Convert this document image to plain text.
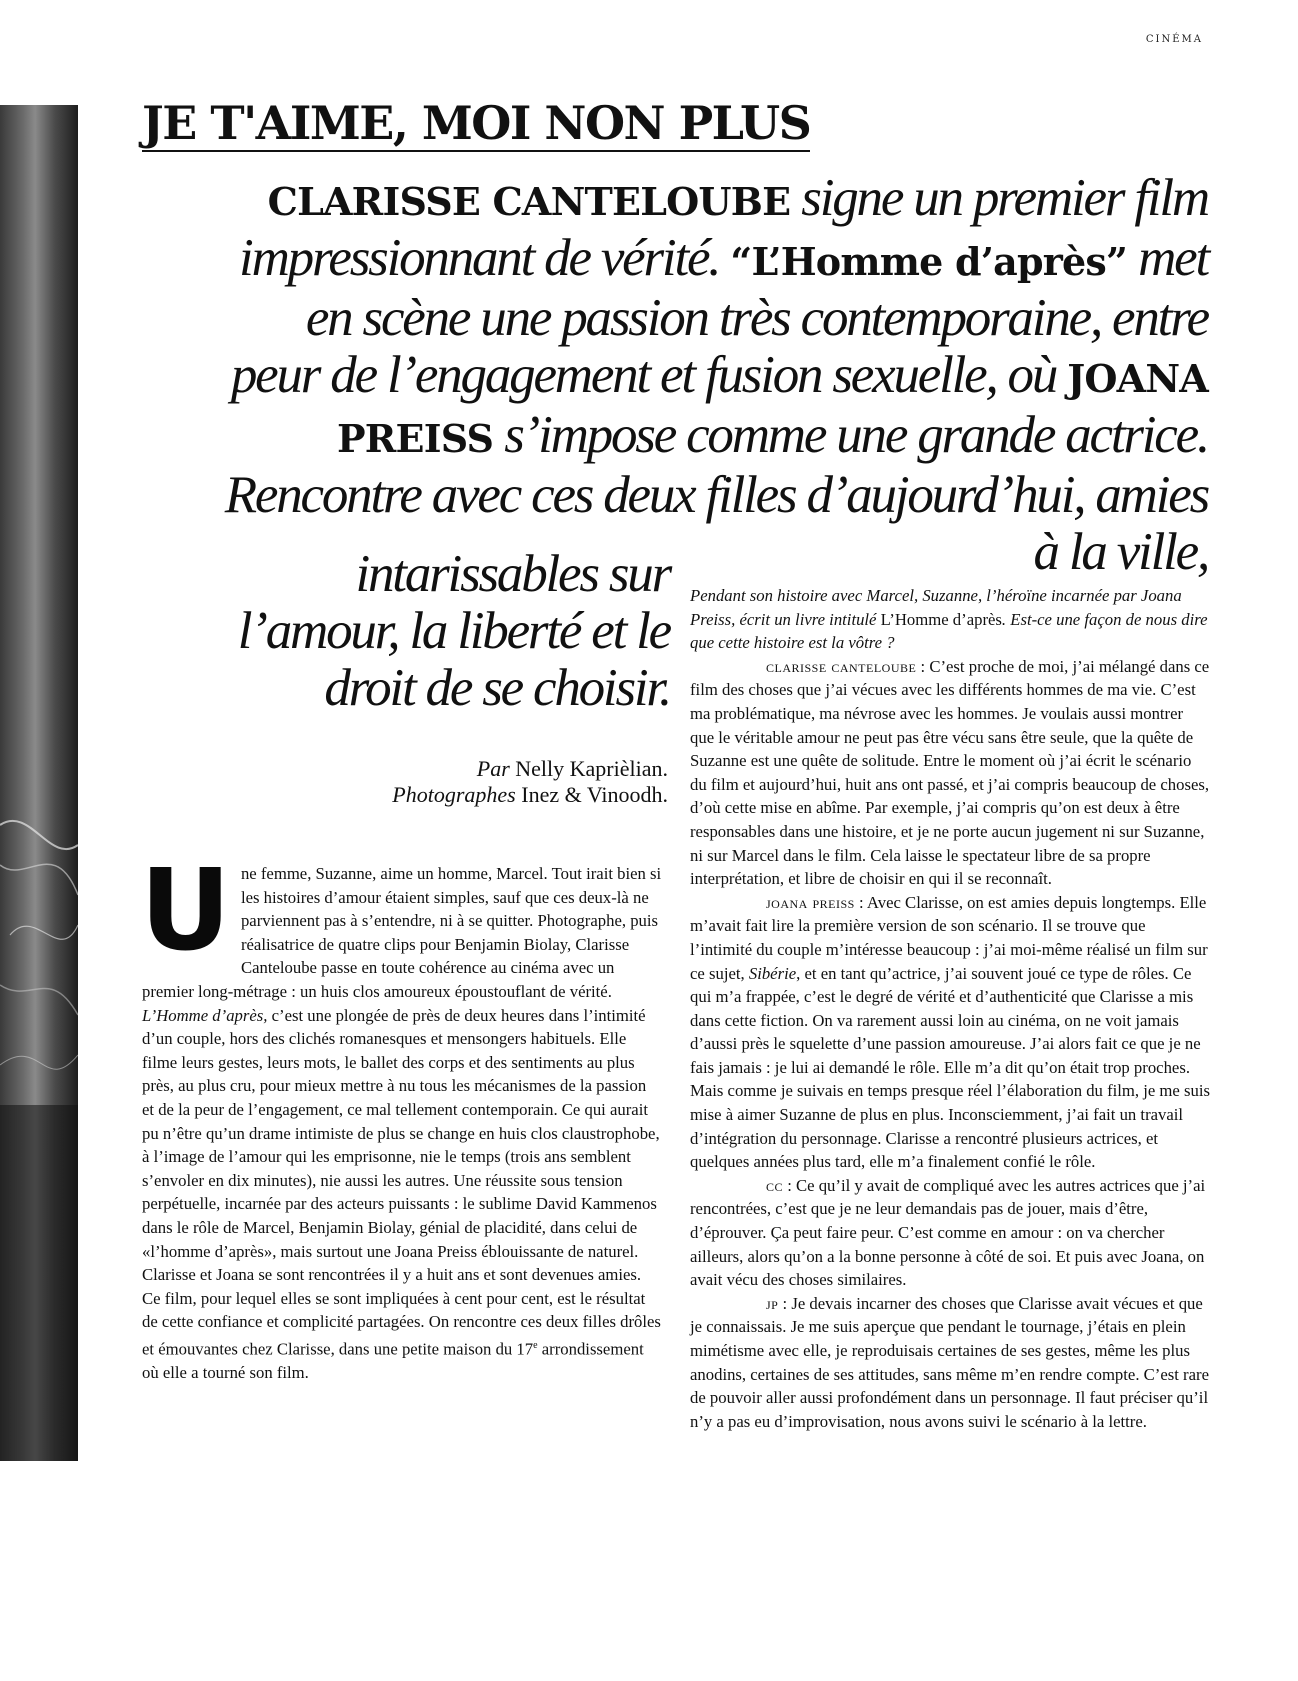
CINÉMA
JE T'AIME, MOI NON PLUS

CLARISSE CANTELOUBE signe un premier film impressionnant de vérité. “L’Homme d’après” met en scène une passion très contemporaine, entre peur de l’engagement et fusion sexuelle, où JOANA PREISS s’impose comme une grande actrice. Rencontre avec ces deux filles d’aujourd’hui, amies à la ville,

intarissables sur l’amour, la liberté et le droit de se choisir.

Par Nelly Kaprièlian.
Photographes Inez & Vinoodh.
U ne femme, Suzanne, aime un homme, Marcel. Tout irait bien si les histoires d’amour étaient simples, sauf que ces deux-là ne parviennent pas à s’entendre, ni à se quitter. Photographe, puis réalisatrice de quatre clips pour Benjamin Biolay, Clarisse Canteloube passe en toute cohérence au cinéma avec un premier long-métrage : un huis clos amoureux époustouflant de vérité. L’Homme d’après, c’est une plongée de près de deux heures dans l’intimité d’un couple, hors des clichés romanesques et mensongers habituels. Elle filme leurs gestes, leurs mots, le ballet des corps et des sentiments au plus près, au plus cru, pour mieux mettre à nu tous les mécanismes de la passion et de la peur de l’engagement, ce mal tellement contemporain. Ce qui aurait pu n’être qu’un drame intimiste de plus se change en huis clos claustrophobe, à l’image de l’amour qui les emprisonne, nie le temps (trois ans semblent s’envoler en dix minutes), nie aussi les autres. Une réussite sous tension perpétuelle, incarnée par des acteurs puissants : le sublime David Kammenos dans le rôle de Marcel, Benjamin Biolay, génial de placidité, dans celui de «l’homme d’après», mais surtout une Joana Preiss éblouissante de naturel. Clarisse et Joana se sont rencontrées il y a huit ans et sont devenues amies. Ce film, pour lequel elles se sont impliquées à cent pour cent, est le résultat de cette confiance et complicité partagées. On rencontre ces deux filles drôles et émouvantes chez Clarisse, dans une petite maison du 17e arrondissement où elle a tourné son film.

Pendant son histoire avec Marcel, Suzanne, l’héroïne incarnée par Joana Preiss, écrit un livre intitulé L’Homme d’après. Est-ce une façon de nous dire que cette histoire est la vôtre ?

clarisse canteloube : C’est proche de moi, j’ai mélangé dans ce film des choses que j’ai vécues avec les différents hommes de ma vie. C’est ma problématique, ma névrose avec les hommes. Je voulais aussi montrer que le véritable amour ne peut pas être vécu sans être seule, que la quête de Suzanne est une quête de solitude. Entre le moment où j’ai écrit le scénario du film et aujourd’hui, huit ans ont passé, et j’ai compris beaucoup de choses, d’où cette mise en abîme. Par exemple, j’ai compris qu’on est deux à être responsables dans une histoire, et je ne porte aucun jugement ni sur Suzanne, ni sur Marcel dans le film. Cela laisse le spectateur libre de sa propre interprétation, et libre de choisir en qui il se reconnaît.

joana preiss : Avec Clarisse, on est amies depuis longtemps. Elle m’avait fait lire la première version de son scénario. Il se trouve que l’intimité du couple m’intéresse beaucoup : j’ai moi-même réalisé un film sur ce sujet, Sibérie, et en tant qu’actrice, j’ai souvent joué ce type de rôles. Ce qui m’a frappée, c’est le degré de vérité et d’authenticité que Clarisse a mis dans cette fiction. On va rarement aussi loin au cinéma, on ne voit jamais d’aussi près le squelette d’une passion amoureuse. J’ai alors fait ce que je ne fais jamais : je lui ai demandé le rôle. Elle m’a dit qu’on était trop proches. Mais comme je suivais en temps presque réel l’élaboration du film, je me suis mise à aimer Suzanne de plus en plus. Inconsciemment, j’ai fait un travail d’intégration du personnage. Clarisse a rencontré plusieurs actrices, et quelques années plus tard, elle m’a finalement confié le rôle.

cc : Ce qu’il y avait de compliqué avec les autres actrices que j’ai rencontrées, c’est que je ne leur demandais pas de jouer, mais d’être, d’éprouver. Ça peut faire peur. C’est comme en amour : on va chercher ailleurs, alors qu’on a la bonne personne à côté de soi. Et puis avec Joana, on avait vécu des choses similaires.

jp : Je devais incarner des choses que Clarisse avait vécues et que je connaissais. Je me suis aperçue que pendant le tournage, j’étais en plein mimétisme avec elle, je reproduisais certaines de ses gestes, même les plus anodins, certaines de ses attitudes, sans même m’en rendre compte. C’est rare de pouvoir aller aussi profondément dans un personnage. Il faut préciser qu’il n’y a pas eu d’improvisation, nous avons suivi le scénario à la lettre.
